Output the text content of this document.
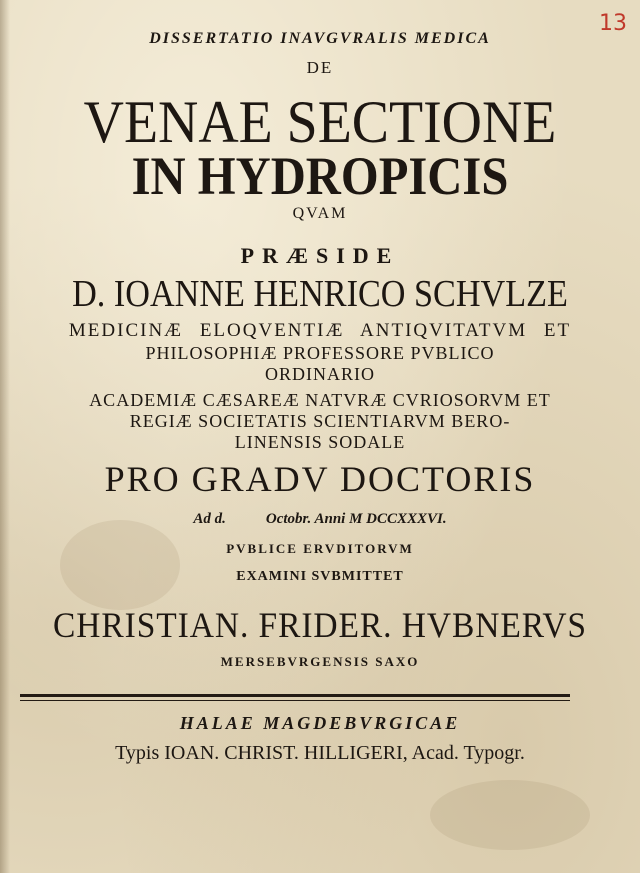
13
DISSERTATIO INAVGVRALIS MEDICA
DE
VENAE SECTIONE
IN HYDROPICIS
QVAM
PRÆSIDE
D. IOANNE HENRICO SCHVLZE
MEDICINÆ ELOQVENTIÆ ANTIQVITATVM ET
PHILOSOPHIÆ PROFESSORE PVBLICO
ORDINARIO
ACADEMIÆ CÆSAREÆ NATVRÆ CVRIOSORVM ET
REGIÆ SOCIETATIS SCIENTIARVM BERO-
LINENSIS SODALE
PRO GRADV DOCTORIS
Ad d.	Octobr. Anni M DCCXXXVI.
PVBLICE ERVDITORVM
EXAMINI SVBMITTET
CHRISTIAN. FRIDER. HVBNERVS
MERSEBVRGENSIS SAXO
HALAE MAGDEBVRGICAE
Typis IOAN. CHRIST. HILLIGERI, Acad. Typogr.
